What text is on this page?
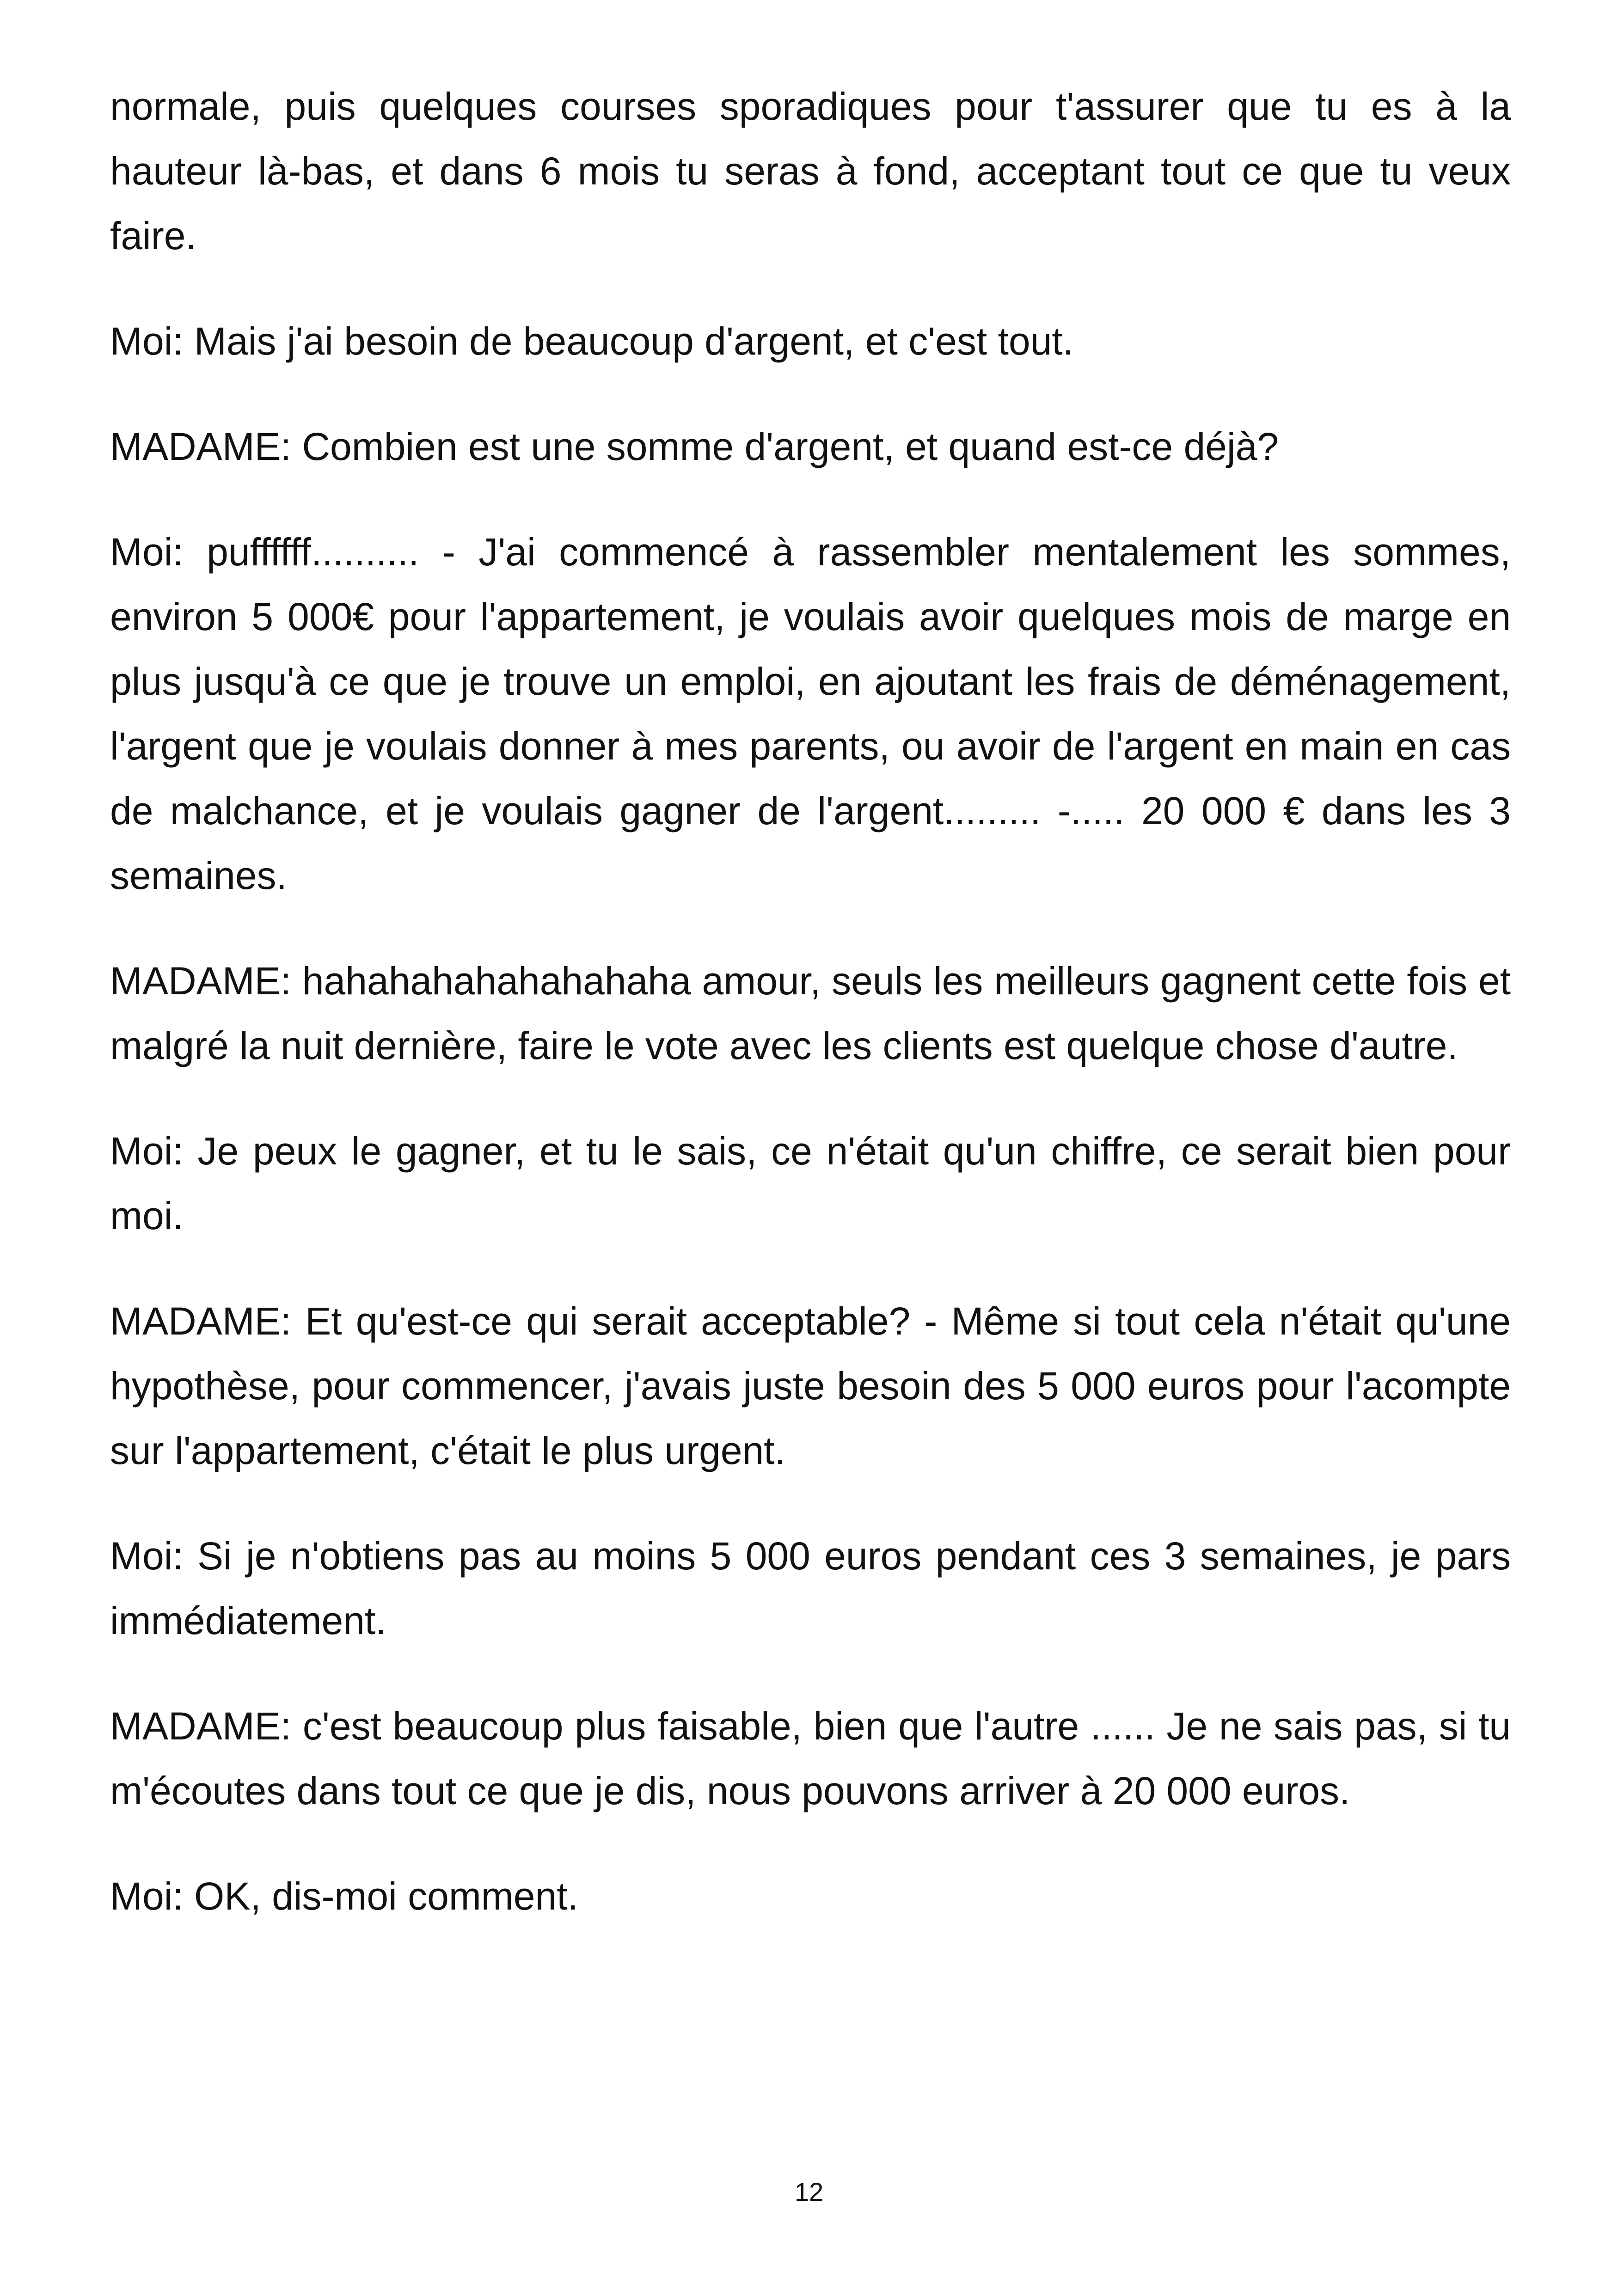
normale, puis quelques courses sporadiques pour t'assurer que tu es à la hauteur là-bas, et dans 6 mois tu seras à fond, acceptant tout ce que tu veux faire.

Moi: Mais j'ai besoin de beaucoup d'argent, et c'est tout.

MADAME: Combien est une somme d'argent, et quand est-ce déjà?

Moi: puffffff.......... - J'ai commencé à rassembler mentalement les sommes, environ 5 000€ pour l'appartement, je voulais avoir quelques mois de marge en plus jusqu'à ce que je trouve un emploi, en ajoutant les frais de déménagement, l'argent que je voulais donner à mes parents, ou avoir de l'argent en main en cas de malchance, et je voulais gagner de l'argent......... -..... 20 000 € dans les 3 semaines.

MADAME: hahahahahahahahaha amour, seuls les meilleurs gagnent cette fois et malgré la nuit dernière, faire le vote avec les clients est quelque chose d'autre.

Moi: Je peux le gagner, et tu le sais, ce n'était qu'un chiffre, ce serait bien pour moi.

MADAME: Et qu'est-ce qui serait acceptable? - Même si tout cela n'était qu'une hypothèse, pour commencer, j'avais juste besoin des 5 000 euros pour l'acompte sur l'appartement, c'était le plus urgent.

Moi: Si je n'obtiens pas au moins 5 000 euros pendant ces 3 semaines, je pars immédiatement.

MADAME: c'est beaucoup plus faisable, bien que l'autre ...... Je ne sais pas, si tu m'écoutes dans tout ce que je dis, nous pouvons arriver à 20 000 euros.

Moi: OK, dis-moi comment.

12
